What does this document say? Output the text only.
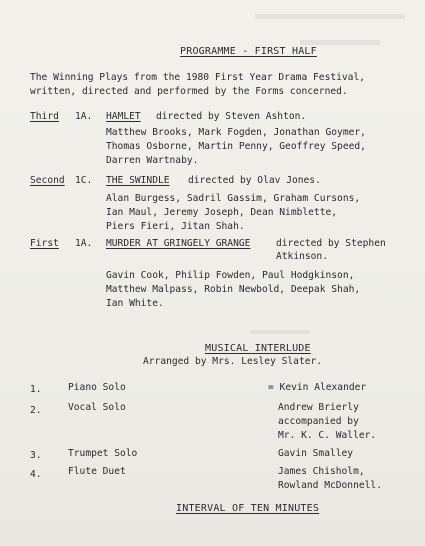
PROGRAMME - FIRST HALF
The Winning Plays from the 1980 First Year Drama Festival,
written, directed and performed by the Forms concerned.
Third 1A. HAMLET directed by Steven Ashton.
Matthew Brooks, Mark Fogden, Jonathan Goymer,
Thomas Osborne, Martin Penny, Geoffrey Speed,
Darren Wartnaby.
Second 1C. THE SWINDLE directed by Olav Jones.
Alan Burgess, Sadril Gassim, Graham Cursons,
Ian Maul, Jeremy Joseph, Dean Nimblette,
Piers Fieri, Jitan Shah.
First 1A. MURDER AT GRINGELY GRANGE	directed by Stephen
Atkinson.
Gavin Cook, Philip Fowden, Paul Hodgkinson,
Matthew Malpass, Robin Newbold, Deepak Shah,
Ian White.
MUSICAL INTERLUDE
Arranged by Mrs. Lesley Slater.
1.	Piano Solo	= Kevin Alexander
2.	Vocal Solo	Andrew Brierly
accompanied by
Mr. K. C. Waller.
3.	Trumpet Solo	Gavin Smalley
4.	Flute Duet	James Chisholm,
Rowland McDonnell.
INTERVAL OF TEN MINUTES
